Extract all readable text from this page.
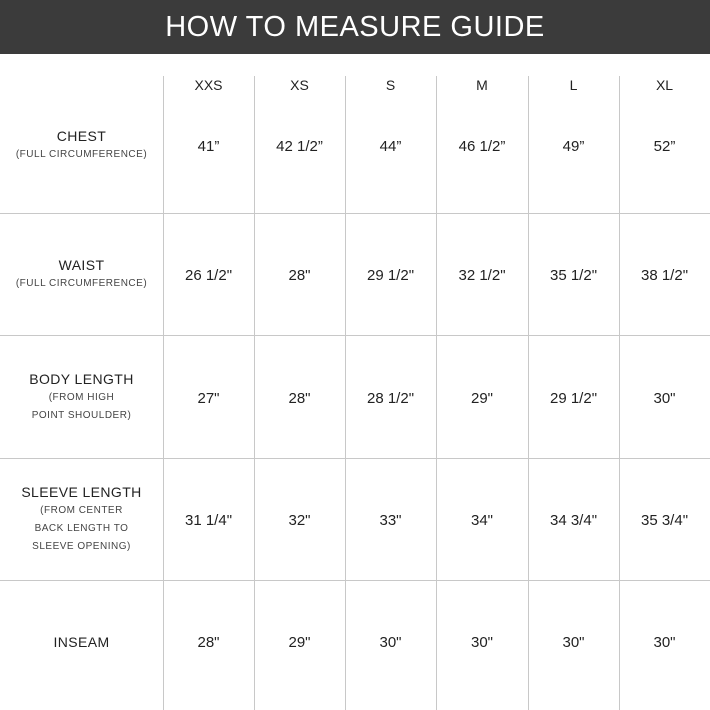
HOW TO MEASURE GUIDE
XXS	XS	S	M	L	XL
CHEST
(FULL CIRCUMFERENCE)	41”	42 1/2”	44”	46 1/2”	49”	52”
WAIST
(FULL CIRCUMFERENCE)	26 1/2"	28"	29 1/2"	32 1/2"	35 1/2"	38 1/2"
BODY LENGTH
(FROM HIGH
POINT SHOULDER)
27"	28"	28 1/2"	29"	29 1/2"	30"
SLEEVE LENGTH
(FROM CENTER
BACK LENGTH TO
SLEEVE OPENING)
31 1/4"	32"	33"	34"	34 3/4"	35 3/4"
INSEAM	28"	29"	30"	30"	30"	30"
